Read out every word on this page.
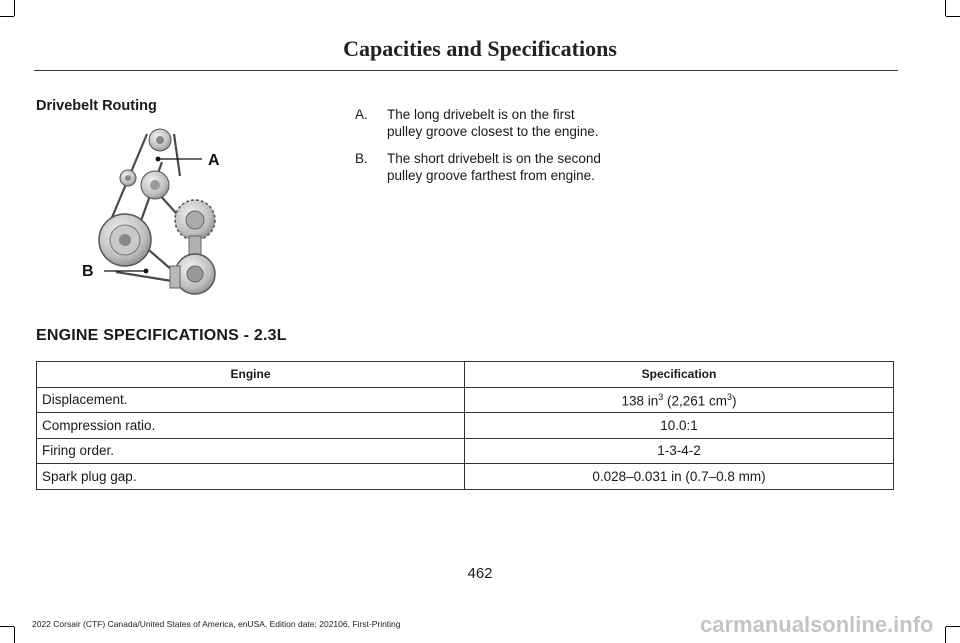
Capacities and Specifications
Drivebelt Routing
A
B
A.	The long drivebelt is on the first pulley groove closest to the engine.
B.	The short drivebelt is on the second pulley groove farthest from engine.
ENGINE SPECIFICATIONS - 2.3L
Engine	Specification
Displacement.	138 $in^3$ (2,261 $cm^3$)
Compression ratio.	10.0:1
Firing order.	1-3-4-2
Spark plug gap.	0.028–0.031 in (0.7–0.8 mm)
462
2022 Corsair (CTF) Canada/United States of America, enUSA, Edition date: 202106, First-Printing	carmanualsonline.info
